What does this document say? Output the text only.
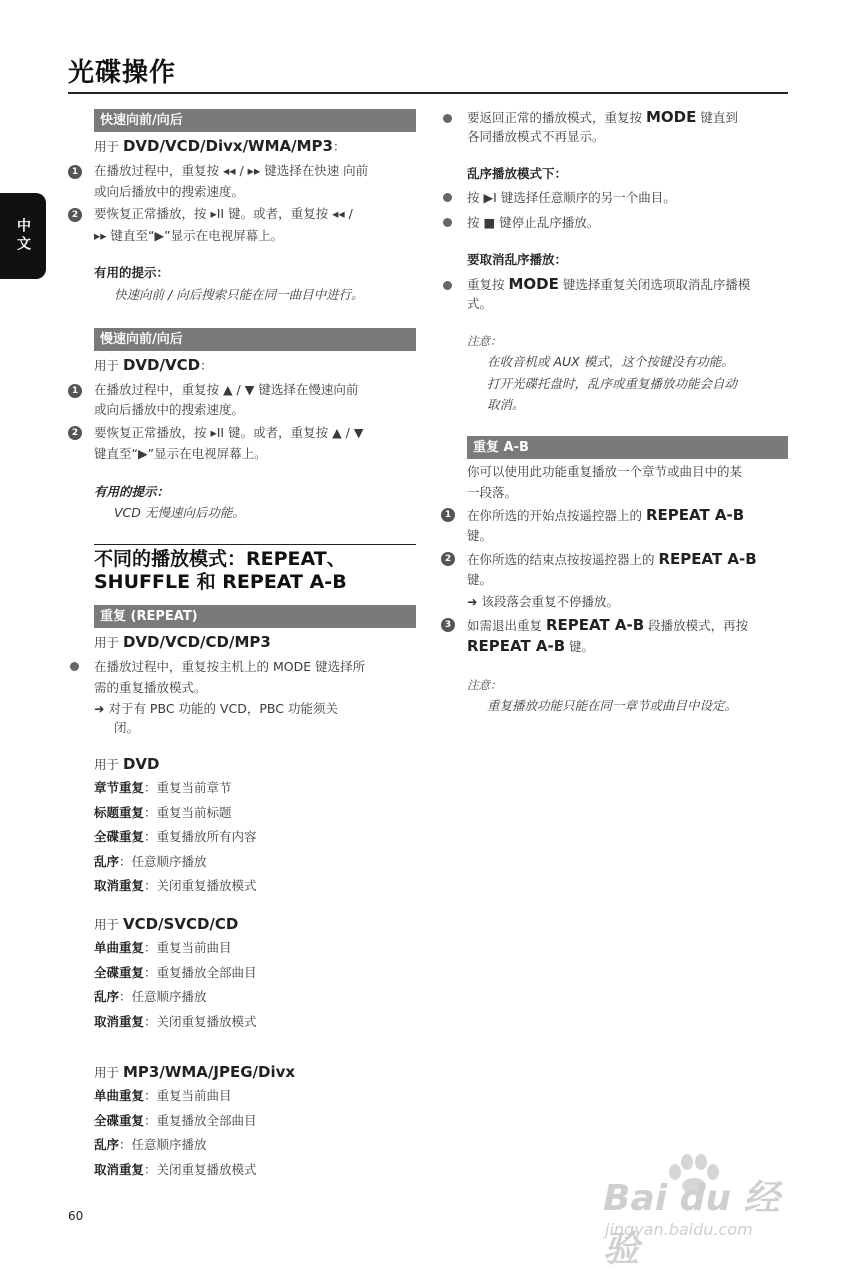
光碟操作
中文
快速向前/向后
用于 DVD/VCD/Divx/WMA/MP3：
1	在播放过程中，重复按 ◂◂ / ▸▸ 键选择在快速 向前
或向后播放中的搜索速度。
2	要恢复正常播放，按 ▸II 键。或者，重复按 ◂◂ /
▸▸ 键直至“▶”显示在电视屏幕上。
有用的提示：
快速向前 / 向后搜索只能在同一曲目中进行。
慢速向前/向后
用于 DVD/VCD：
1	在播放过程中，重复按 ▲ / ▼ 键选择在慢速向前
或向后播放中的搜索速度。
2	要恢复正常播放，按 ▸II 键。或者，重复按 ▲ / ▼
键直至“▶”显示在电视屏幕上。
有用的提示：
VCD 无慢速向后功能。
不同的播放模式：REPEAT、
SHUFFLE 和 REPEAT A-B
重复 (REPEAT)
用于 DVD/VCD/CD/MP3
在播放过程中，重复按主机上的 MODE 键选择所
需的重复播放模式。
➜ 对于有 PBC 功能的 VCD，PBC 功能须关
闭。
用于 DVD
章节重复：重复当前章节
标题重复：重复当前标题
全碟重复：重复播放所有内容
乱序：任意顺序播放
取消重复：关闭重复播放模式
用于 VCD/SVCD/CD
单曲重复：重复当前曲目
全碟重复：重复播放全部曲目
乱序：任意顺序播放
取消重复：关闭重复播放模式
用于 MP3/WMA/JPEG/Divx
单曲重复：重复当前曲目
全碟重复：重复播放全部曲目
乱序：任意顺序播放
取消重复：关闭重复播放模式
要返回正常的播放模式，重复按 MODE 键直到
各同播放模式不再显示。
乱序播放模式下：
按 ▶I 键选择任意顺序的另一个曲目。
按 ■ 键停止乱序播放。
要取消乱序播放：
重复按 MODE 键选择重复关闭选项取消乱序播模
式。
注意：
在收音机或 AUX 模式，这个按键没有功能。
打开光碟托盘时，乱序或重复播放功能会自动
取消。
重复 A-B
你可以使用此功能重复播放一个章节或曲目中的某
一段落。
1	在你所选的开始点按遥控器上的 REPEAT A-B
键。
2	在你所选的结束点按按遥控器上的 REPEAT A-B
键。
➜ 该段落会重复不停播放。
3	如需退出重复 REPEAT A-B 段播放模式，再按
REPEAT A-B 键。
注意：
重复播放功能只能在同一章节或曲目中设定。
60	Bai du 经验
jingyan.baidu.com
